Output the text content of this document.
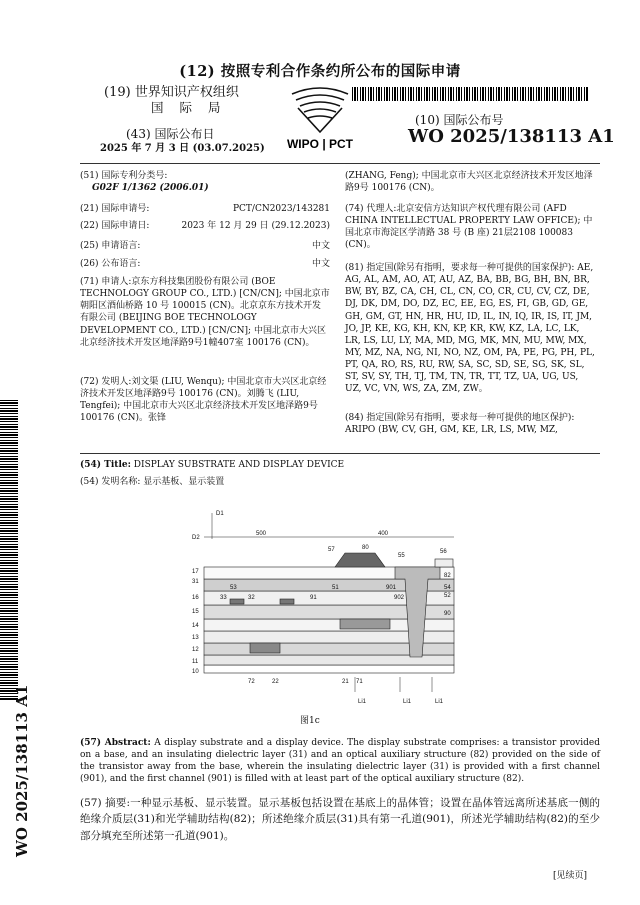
(12) 按照专利合作条约所公布的国际申请
(19) 世界知识产权组织
国 际 局
(43) 国际公布日
2025 年 7 月 3 日 (03.07.2025) WIPO | PCT
(10) 国际公布号
WO 2025/138113 A1
(51) 国际专利分类号:
G02F 1/1362 (2006.01)
(21) 国际申请号:	PCT/CN2023/143281
(22) 国际申请日:	2023 年 12 月 29 日 (29.12.2023)
(25) 申请语言:	中文
(26) 公布语言:	中文
(71) 申请人:京东方科技集团股份有限公司 (BOE TECHNOLOGY GROUP CO., LTD.) [CN/CN]; 中国北京市朝阳区酒仙桥路 10 号 100015 (CN)。北京京东方技术开发有限公司 (BEIJING BOE TECHNOLOGY DEVELOPMENT CO., LTD.) [CN/CN]; 中国北京市大兴区北京经济技术开发区地泽路9号1幢407室 100176 (CN)。
(72) 发明人:刘文渠 (LIU, Wenqu); 中国北京市大兴区北京经济技术开发区地泽路9号 100176 (CN)。刘腾飞 (LIU, Tengfei); 中国北京市大兴区北京经济技术开发区地泽路9号 100176 (CN)。张锋
(ZHANG, Feng); 中国北京市大兴区北京经济技术开发区地泽路9号 100176 (CN)。
(74) 代理人:北京安信方达知识产权代理有限公司 (AFD CHINA INTELLECTUAL PROPERTY LAW OFFICE); 中国北京市海淀区学清路 38 号 (B 座) 21层2108 100083 (CN)。
(81) 指定国(除另有指明，要求每一种可提供的国家保护): AE, AG, AL, AM, AO, AT, AU, AZ, BA, BB, BG, BH, BN, BR, BW, BY, BZ, CA, CH, CL, CN, CO, CR, CU, CV, CZ, DE, DJ, DK, DM, DO, DZ, EC, EE, EG, ES, FI, GB, GD, GE, GH, GM, GT, HN, HR, HU, ID, IL, IN, IQ, IR, IS, IT, JM, JO, JP, KE, KG, KH, KN, KP, KR, KW, KZ, LA, LC, LK, LR, LS, LU, LY, MA, MD, MG, MK, MN, MU, MW, MX, MY, MZ, NA, NG, NI, NO, NZ, OM, PA, PE, PG, PH, PL, PT, QA, RO, RS, RU, RW, SA, SC, SD, SE, SG, SK, SL, ST, SV, SY, TH, TJ, TM, TN, TR, TT, TZ, UA, UG, US, UZ, VC, VN, WS, ZA, ZM, ZW。
(84) 指定国(除另有指明，要求每一种可提供的地区保护): ARIPO (BW, CV, GH, GM, KE, LR, LS, MW, MZ,
(54) Title: DISPLAY SUBSTRATE AND DISPLAY DEVICE
(54) 发明名称: 显示基板、显示装置
D1
D2
500	400
57	80
55
56
17
16
15
14
13
12
11
10
31
53
33	32	91
51	901
902
54
52
82
90
72	22	21 71
Li1	Li1	Li1
图1c
(57) Abstract: A display substrate and a display device. The display substrate comprises: a transistor provided on a base, and an insulating dielectric layer (31) and an optical auxiliary structure (82) provided on the side of the transistor away from the base, wherein the insulating dielectric layer (31) is provided with a first channel (901), and the first channel (901) is filled with at least part of the optical auxiliary structure (82).
(57) 摘要:一种显示基板、显示装置。显示基板包括设置在基底上的晶体管；设置在晶体管远离所述基底一侧的绝缘介质层(31)和光学辅助结构(82)；所述绝缘介质层(31)具有第一孔道(901)，所述光学辅助结构(82)的至少部分填充至所述第一孔道(901)。
WO 2025/138113 A1
[见续页]
